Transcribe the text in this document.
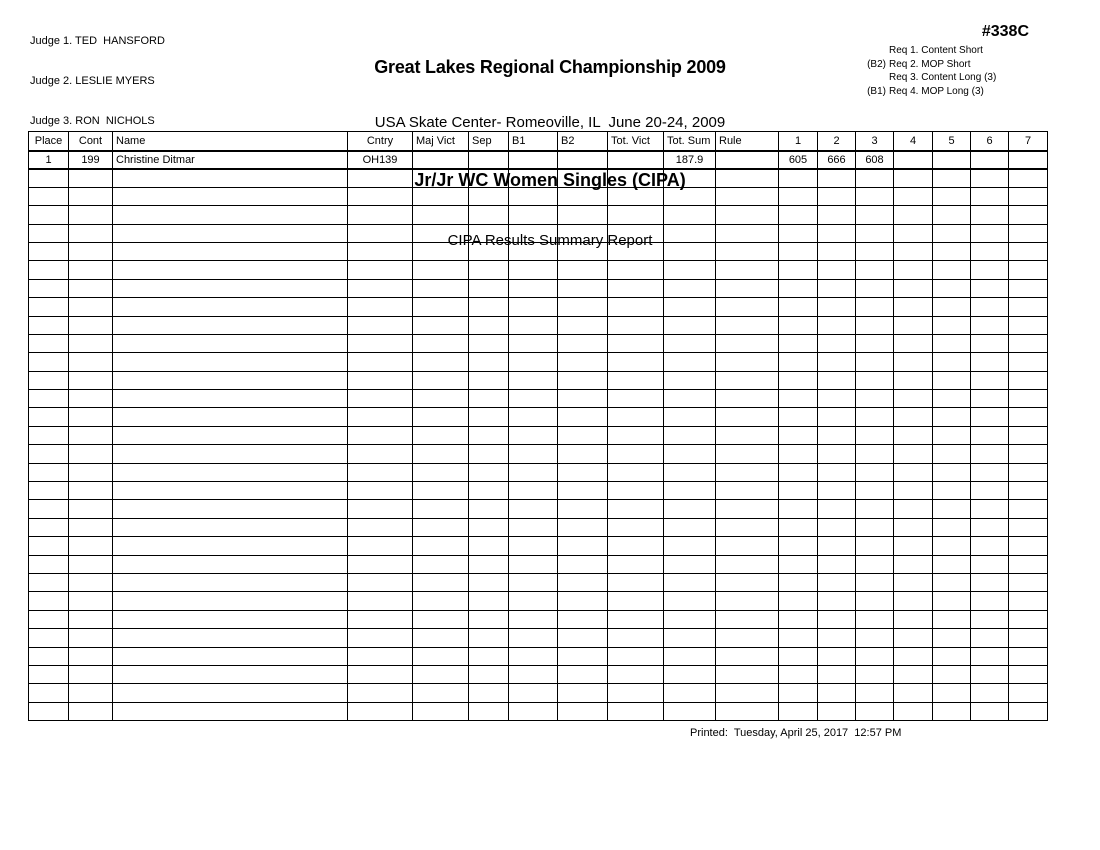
Judge 1. TED  HANSFORD

Judge 2. LESLIE MYERS

Judge 3. RON  NICHOLS

Great Lakes Regional Championship 2009

USA Skate Center- Romeoville, IL  June 20-24, 2009

Jr/Jr WC Women Singles (CIPA)

CIPA Results Summary Report

#338C
Req 1. Content Short
(B2) Req 2. MOP Short
Req 3. Content Long (3)
(B1) Req 4. MOP Long (3)
Place	Cont	Name	Cntry	Maj Vict	Sep	B1	B2	Tot. Vict	Tot. Sum	Rule	1	2	3	4	5	6	7
1	199	Christine Ditmar	OH139						187.9		605	666	608				

Printed:  Tuesday, April 25, 2017  12:57 PM
